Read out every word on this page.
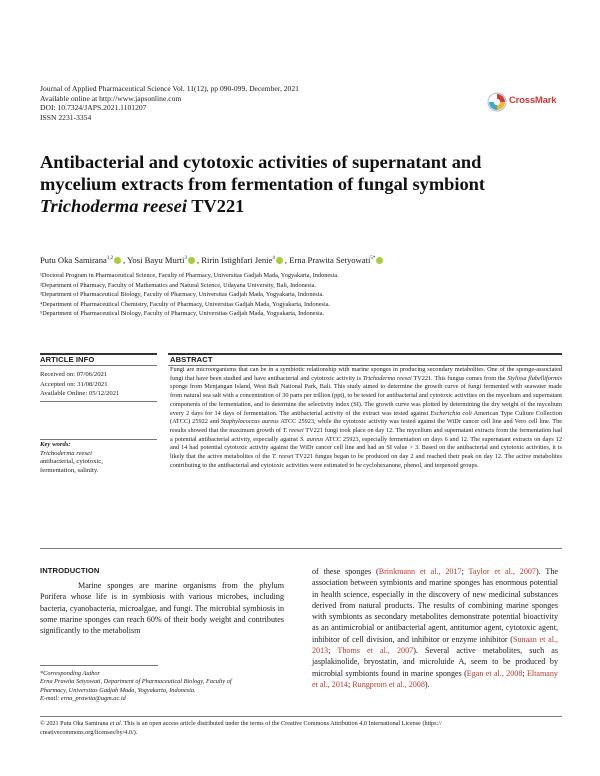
Journal of Applied Pharmaceutical Science Vol. 11(12), pp 090-099, December, 2021
Available online at http://www.japsonline.com
DOI: 10.7324/JAPS.2021.1101207
ISSN 2231-3354
CrossMark
Antibacterial and cytotoxic activities of supernatant and mycelium extracts from fermentation of fungal symbiont Trichoderma reesei TV221
Putu Oka Samirana$^{1,2}$ , Yosi Bayu Murti$^3$ , Ririn Istighfari Jenie$^4$ , Erna Prawita Setyowati$^{5*}$
¹Doctoral Program in Pharmaceutical Science, Faculty of Pharmacy, Universitas Gadjah Mada, Yogyakarta, Indonesia.
²Department of Pharmacy, Faculty of Mathematics and Natural Science, Udayana University, Bali, Indonesia.
³Department of Pharmaceutical Biology, Faculty of Pharmacy, Universitas Gadjah Mada, Yogyakarta, Indonesia.
⁴Department of Pharmaceutical Chemistry, Faculty of Pharmacy, Universitas Gadjah Mada, Yogyakarta, Indonesia.
⁵Department of Pharmaceutical Biology, Faculty of Pharmacy, Universitas Gadjah Mada, Yogyakarta, Indonesia.
ARTICLE INFO	ABSTRACT
Received on: 07/06/2021
Accepted on: 31/08/2021
Available Online: 05/12/2021
Key words:
Trichoderma reesei
antibacterial, cytotoxic,
fermentation, salinity.
Fungi are microorganisms that can be in a symbiotic relationship with marine sponges in producing secondary metabolites. One of the sponge-associated fungi that have been studied and have antibacterial and cytotoxic activity is Trichoderma reesei TV221. This fungus comes from the Stylissa flabelliformis sponge from Menjangan Island, West Bali National Park, Bali. This study aimed to determine the growth curve of fungi fermented with seawater made from natural sea salt with a concentration of 30 parts per trillion (ppt), to be tested for antibacterial and cytotoxic activities on the mycelium and supernatant components of the fermentation, and to determine the selectivity index (SI). The growth curve was plotted by determining the dry weight of the mycelium every 2 days for 14 days of fermentation. The antibacterial activity of the extract was tested against Escherichia coli American Type Culture Collection (ATCC) 25922 and Staphylococcus aureus ATCC 25923, while the cytotoxic activity was tested against the WiDr cancer cell line and Vero cell line. The results showed that the maximum growth of T. reesei TV221 fungi took place on day 12. The mycelium and supernatant extracts from the fermentation had a potential antibacterial activity, especially against S. aureus ATCC 25923, especially fermentation on days 6 and 12. The supernatant extracts on days 12 and 14 had potential cytotoxic activity against the WiDr cancer cell line and had an SI value > 3. Based on the antibacterial and cytotoxic activities, it is likely that the active metabolites of the T. reesei TV221 fungus began to be produced on day 2 and reached their peak on day 12. The active metabolites contributing to the antibacterial and cytotoxic activities were estimated to be cyclohexanone, phenol, and terpenoid groups.
INTRODUCTION
Marine sponges are marine organisms from the phylum Porifera whose life is in symbiosis with various microbes, including bacteria, cyanobacteria, microalgae, and fungi. The microbial symbiosis in some marine sponges can reach 60% of their body weight and contributes significantly to the metabolism
of these sponges (Brinkmann et al., 2017; Taylor et al., 2007). The association between symbionts and marine sponges has enormous potential in health science, especially in the discovery of new medicinal substances derived from natural products. The results of combining marine sponges with symbionts as secondary metabolites demonstrate potential bioactivity as an antimicrobial or antibacterial agent, antitumor agent, cytotoxic agent, inhibitor of cell division, and inhibitor or enzyme inhibitor (Sunaan et al., 2013; Thoms et al., 2007). Several active metabolites, such as jasplakinolide, bryostatin, and microluide A, seem to be produced by microbial symbionts found in marine sponges (Egan et al., 2008; Eltamany et al., 2014; Rungprom et al., 2008).
*Corresponding Author
Erna Prawita Setyowati, Department of Pharmaceutical Biology, Faculty of
Pharmacy, Universitas Gadjah Mada, Yogyakarta, Indonesia.
E-mail: erna_prawita@ugm.ac.id
© 2021 Putu Oka Samirana et al. This is an open access article distributed under the terms of the Creative Commons Attribution 4.0 International License (https://
creativecommons.org/licenses/by/4.0/).
